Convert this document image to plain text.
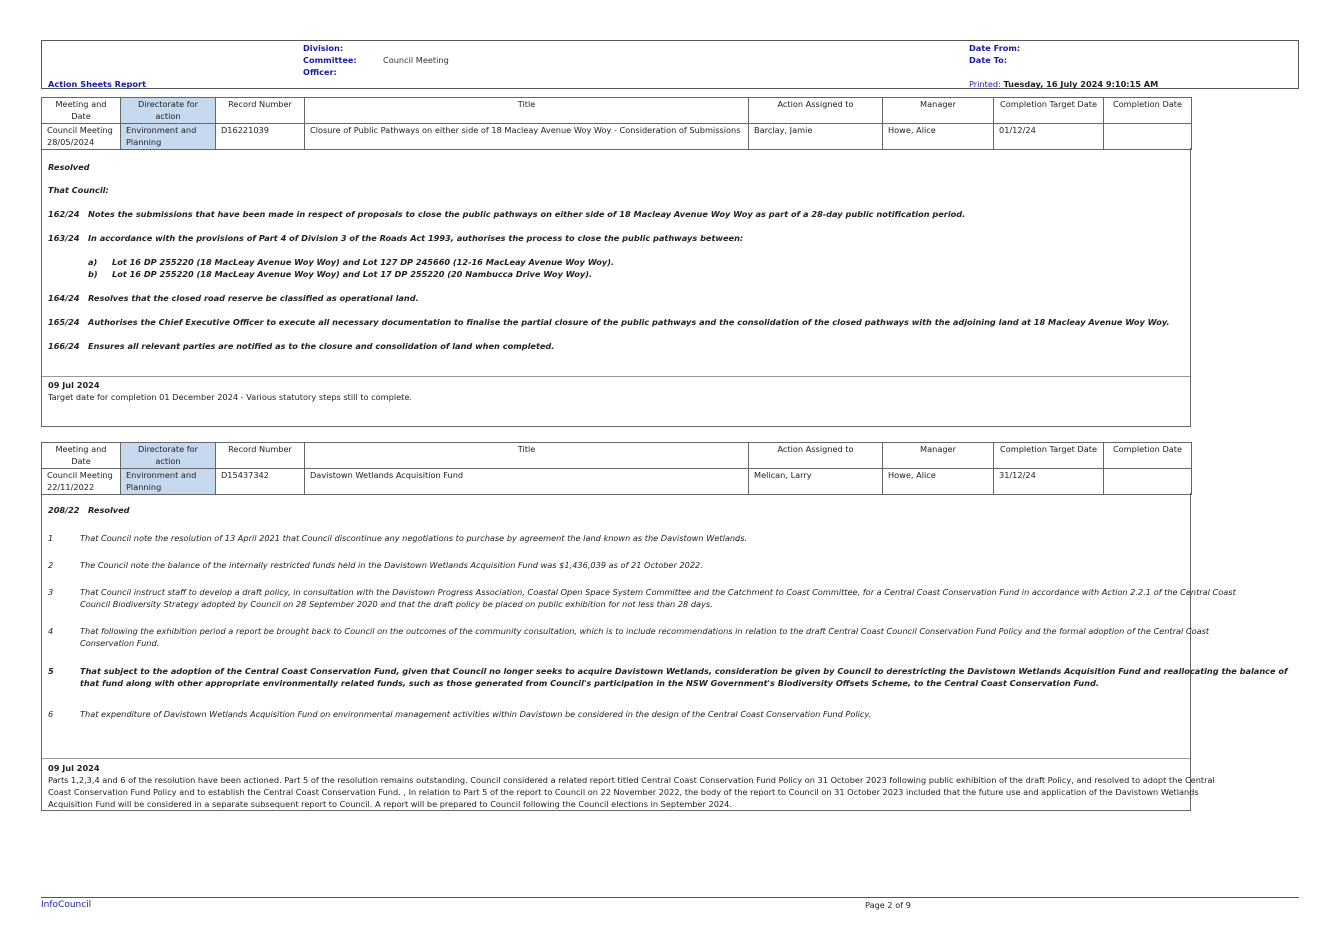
Division:
Committee:	Council Meeting
Officer:
Action Sheets Report
Date From:
Date To:
Printed: Tuesday, 16 July 2024 9:10:15 AM
Meeting and Date	Directorate for action	Record Number	Title	Action Assigned to	Manager	Completion Target Date	Completion Date
Council Meeting 28/05/2024	Environment and Planning	D16221039	Closure of Public Pathways on either side of 18 Macleay Avenue Woy Woy - Consideration of Submissions	Barclay, Jamie	Howe, Alice	01/12/24	
Resolved
That Council:
162/24 Notes the submissions that have been made in respect of proposals to close the public pathways on either side of 18 Macleay Avenue Woy Woy as part of a 28-day public notification period.
163/24 In accordance with the provisions of Part 4 of Division 3 of the Roads Act 1993, authorises the process to close the public pathways between:
a) Lot 16 DP 255220 (18 MacLeay Avenue Woy Woy) and Lot 127 DP 245660 (12-16 MacLeay Avenue Woy Woy).
b) Lot 16 DP 255220 (18 MacLeay Avenue Woy Woy) and Lot 17 DP 255220 (20 Nambucca Drive Woy Woy).
164/24 Resolves that the closed road reserve be classified as operational land.
165/24 Authorises the Chief Executive Officer to execute all necessary documentation to finalise the partial closure of the public pathways and the consolidation of the closed pathways with the adjoining land at 18 Macleay Avenue Woy Woy.
166/24 Ensures all relevant parties are notified as to the closure and consolidation of land when completed.
09 Jul 2024
Target date for completion 01 December 2024 - Various statutory steps still to complete.
Meeting and Date	Directorate for action	Record Number	Title	Action Assigned to	Manager	Completion Target Date	Completion Date
Council Meeting 22/11/2022	Environment and Planning	D15437342	Davistown Wetlands Acquisition Fund	Melican, Larry	Howe, Alice	31/12/24	
208/22 Resolved
1	That Council note the resolution of 13 April 2021 that Council discontinue any negotiations to purchase by agreement the land known as the Davistown Wetlands.
2	The Council note the balance of the internally restricted funds held in the Davistown Wetlands Acquisition Fund was $1,436,039 as of 21 October 2022.
3	That Council instruct staff to develop a draft policy, in consultation with the Davistown Progress Association, Coastal Open Space System Committee and the Catchment to Coast Committee, for a Central Coast Conservation Fund in accordance with Action 2.2.1 of the Central Coast
Council Biodiversity Strategy adopted by Council on 28 September 2020 and that the draft policy be placed on public exhibition for not less than 28 days.
4	That following the exhibition period a report be brought back to Council on the outcomes of the community consultation, which is to include recommendations in relation to the draft Central Coast Council Conservation Fund Policy and the formal adoption of the Central Coast
Conservation Fund.
5	That subject to the adoption of the Central Coast Conservation Fund, given that Council no longer seeks to acquire Davistown Wetlands, consideration be given by Council to derestricting the Davistown Wetlands Acquisition Fund and reallocating the balance of
that fund along with other appropriate environmentally related funds, such as those generated from Council's participation in the NSW Government's Biodiversity Offsets Scheme, to the Central Coast Conservation Fund.
6	That expenditure of Davistown Wetlands Acquisition Fund on environmental management activities within Davistown be considered in the design of the Central Coast Conservation Fund Policy.
09 Jul 2024
Parts 1,2,3,4 and 6 of the resolution have been actioned. Part 5 of the resolution remains outstanding. Council considered a related report titled Central Coast Conservation Fund Policy on 31 October 2023 following public exhibition of the draft Policy, and resolved to adopt the Central
Coast Conservation Fund Policy and to establish the Central Coast Conservation Fund. , In relation to Part 5 of the report to Council on 22 November 2022, the body of the report to Council on 31 October 2023 included that the future use and application of the Davistown Wetlands
Acquisition Fund will be considered in a separate subsequent report to Council. A report will be prepared to Council following the Council elections in September 2024.
InfoCouncil	Page 2 of 9
